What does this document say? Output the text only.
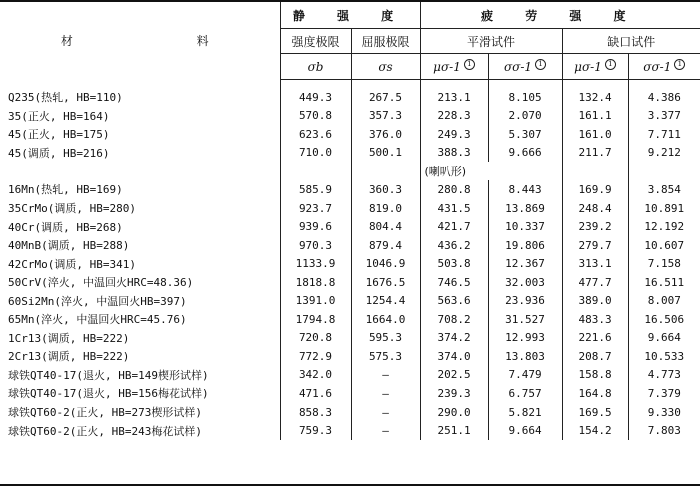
材 料	静 强 度		疲 劳 强 度			
	强度极限	屈服极限	平滑试件		缺口试件	
	σb	σs	μσ-1 1	σσ-1 1	μσ-1 1	σσ-1 1

Q235(热轧, HB=110)	449.3	267.5	213.1	8.105	132.4	4.386
35(正火, HB=164)	570.8	357.3	228.3	2.070	161.1	3.377
45(正火, HB=175)	623.6	376.0	249.3	5.307	161.0	7.711
45(调质, HB=216)	710.0	500.1	388.3	9.666	211.7	9.212
			(喇叭形)			
16Mn(热轧, HB=169)	585.9	360.3	280.8	8.443	169.9	3.854
35CrMo(调质, HB=280)	923.7	819.0	431.5	13.869	248.4	10.891
40Cr(调质, HB=268)	939.6	804.4	421.7	10.337	239.2	12.192
40MnB(调质, HB=288)	970.3	879.4	436.2	19.806	279.7	10.607
42CrMo(调质, HB=341)	1133.9	1046.9	503.8	12.367	313.1	7.158
50CrV(淬火, 中温回火HRC=48.36)	1818.8	1676.5	746.5	32.003	477.7	16.511
60Si2Mn(淬火, 中温回火HB=397)	1391.0	1254.4	563.6	23.936	389.0	8.007
65Mn(淬火, 中温回火HRC=45.76)	1794.8	1664.0	708.2	31.527	483.3	16.506
1Cr13(调质, HB=222)	720.8	595.3	374.2	12.993	221.6	9.664
2Cr13(调质, HB=222)	772.9	575.3	374.0	13.803	208.7	10.533
球铁QT40-17(退火, HB=149楔形试样)	342.0	—	202.5	7.479	158.8	4.773
球铁QT40-17(退火, HB=156梅花试样)	471.6	—	239.3	6.757	164.8	7.379
球铁QT60-2(正火, HB=273楔形试样)	858.3	—	290.0	5.821	169.5	9.330
球铁QT60-2(正火, HB=243梅花试样)	759.3	—	251.1	9.664	154.2	7.803
